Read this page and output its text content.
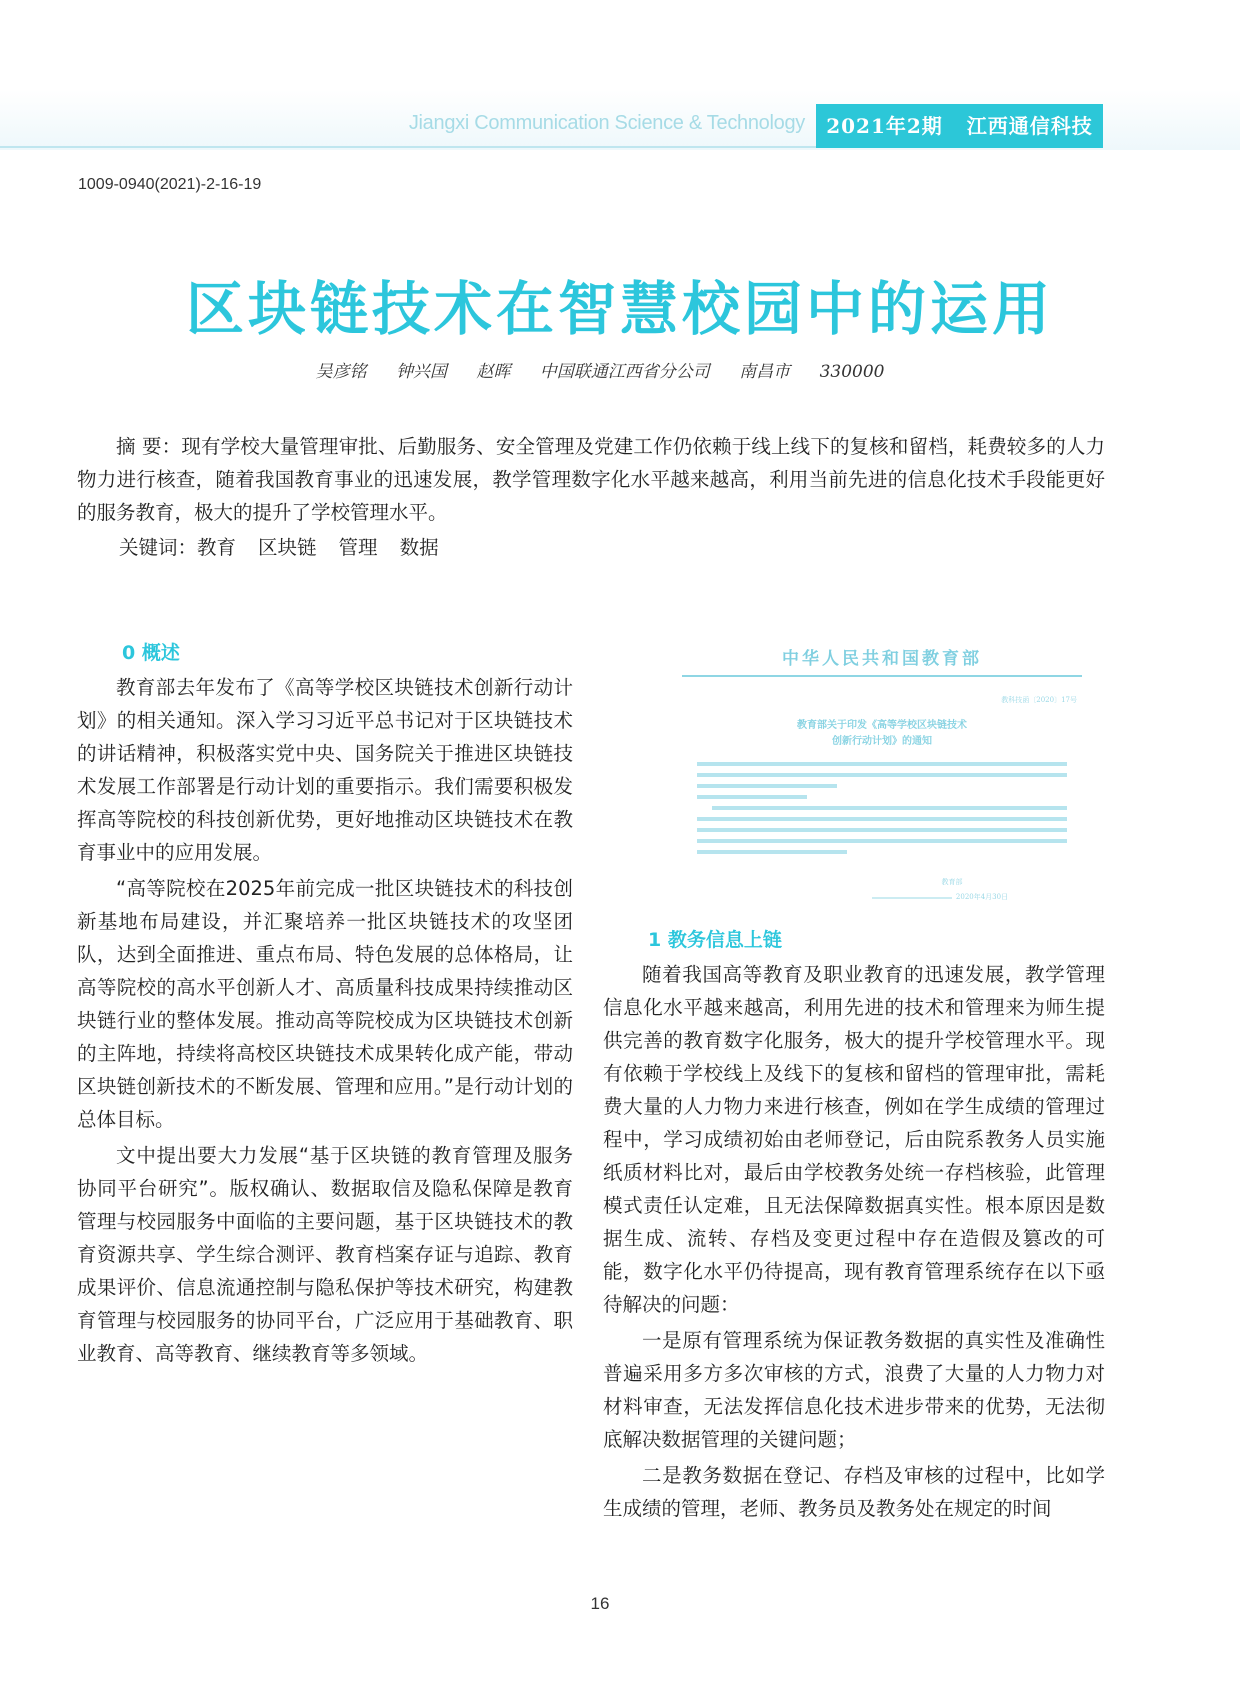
Jiangxi Communication Science & Technology	2021年2期 江西通信科技
1009-0940(2021)-2-16-19
区块链技术在智慧校园中的运用
吴彦铭 钟兴国 赵晖 中国联通江西省分公司 南昌市 330000

摘 要：现有学校大量管理审批、后勤服务、安全管理及党建工作仍依赖于线上线下的复核和留档，耗费较多的人力物力进行核查，随着我国教育事业的迅速发展，教学管理数字化水平越来越高，利用当前先进的信息化技术手段能更好的服务教育，极大的提升了学校管理水平。

关键词：教育 区块链 管理 数据
0 概述

教育部去年发布了《高等学校区块链技术创新行动计划》的相关通知。深入学习习近平总书记对于区块链技术的讲话精神，积极落实党中央、国务院关于推进区块链技术发展工作部署是行动计划的重要指示。我们需要积极发挥高等院校的科技创新优势，更好地推动区块链技术在教育事业中的应用发展。

“高等院校在2025年前完成一批区块链技术的科技创新基地布局建设，并汇聚培养一批区块链技术的攻坚团队，达到全面推进、重点布局、特色发展的总体格局，让高等院校的高水平创新人才、高质量科技成果持续推动区块链行业的整体发展。推动高等院校成为区块链技术创新的主阵地，持续将高校区块链技术成果转化成产能，带动区块链创新技术的不断发展、管理和应用。”是行动计划的总体目标。

文中提出要大力发展“基于区块链的教育管理及服务协同平台研究”。版权确认、数据取信及隐私保障是教育管理与校园服务中面临的主要问题，基于区块链技术的教育资源共享、学生综合测评、教育档案存证与追踪、教育成果评价、信息流通控制与隐私保护等技术研究，构建教育管理与校园服务的协同平台，广泛应用于基础教育、职业教育、高等教育、继续教育等多领域。

中华人民共和国教育部
教科技函〔2020〕17号
教育部关于印发《高等学校区块链技术
创新行动计划》的通知
教育部
2020年4月30日
1 教务信息上链

随着我国高等教育及职业教育的迅速发展，教学管理信息化水平越来越高，利用先进的技术和管理来为师生提供完善的教育数字化服务，极大的提升学校管理水平。现有依赖于学校线上及线下的复核和留档的管理审批，需耗费大量的人力物力来进行核查，例如在学生成绩的管理过程中，学习成绩初始由老师登记，后由院系教务人员实施纸质材料比对，最后由学校教务处统一存档核验，此管理模式责任认定难，且无法保障数据真实性。根本原因是数据生成、流转、存档及变更过程中存在造假及篡改的可能，数字化水平仍待提高，现有教育管理系统存在以下亟待解决的问题：

一是原有管理系统为保证教务数据的真实性及准确性普遍采用多方多次审核的方式，浪费了大量的人力物力对材料审查，无法发挥信息化技术进步带来的优势，无法彻底解决数据管理的关键问题；

二是教务数据在登记、存档及审核的过程中，比如学生成绩的管理，老师、教务员及教务处在规定的时间

16
